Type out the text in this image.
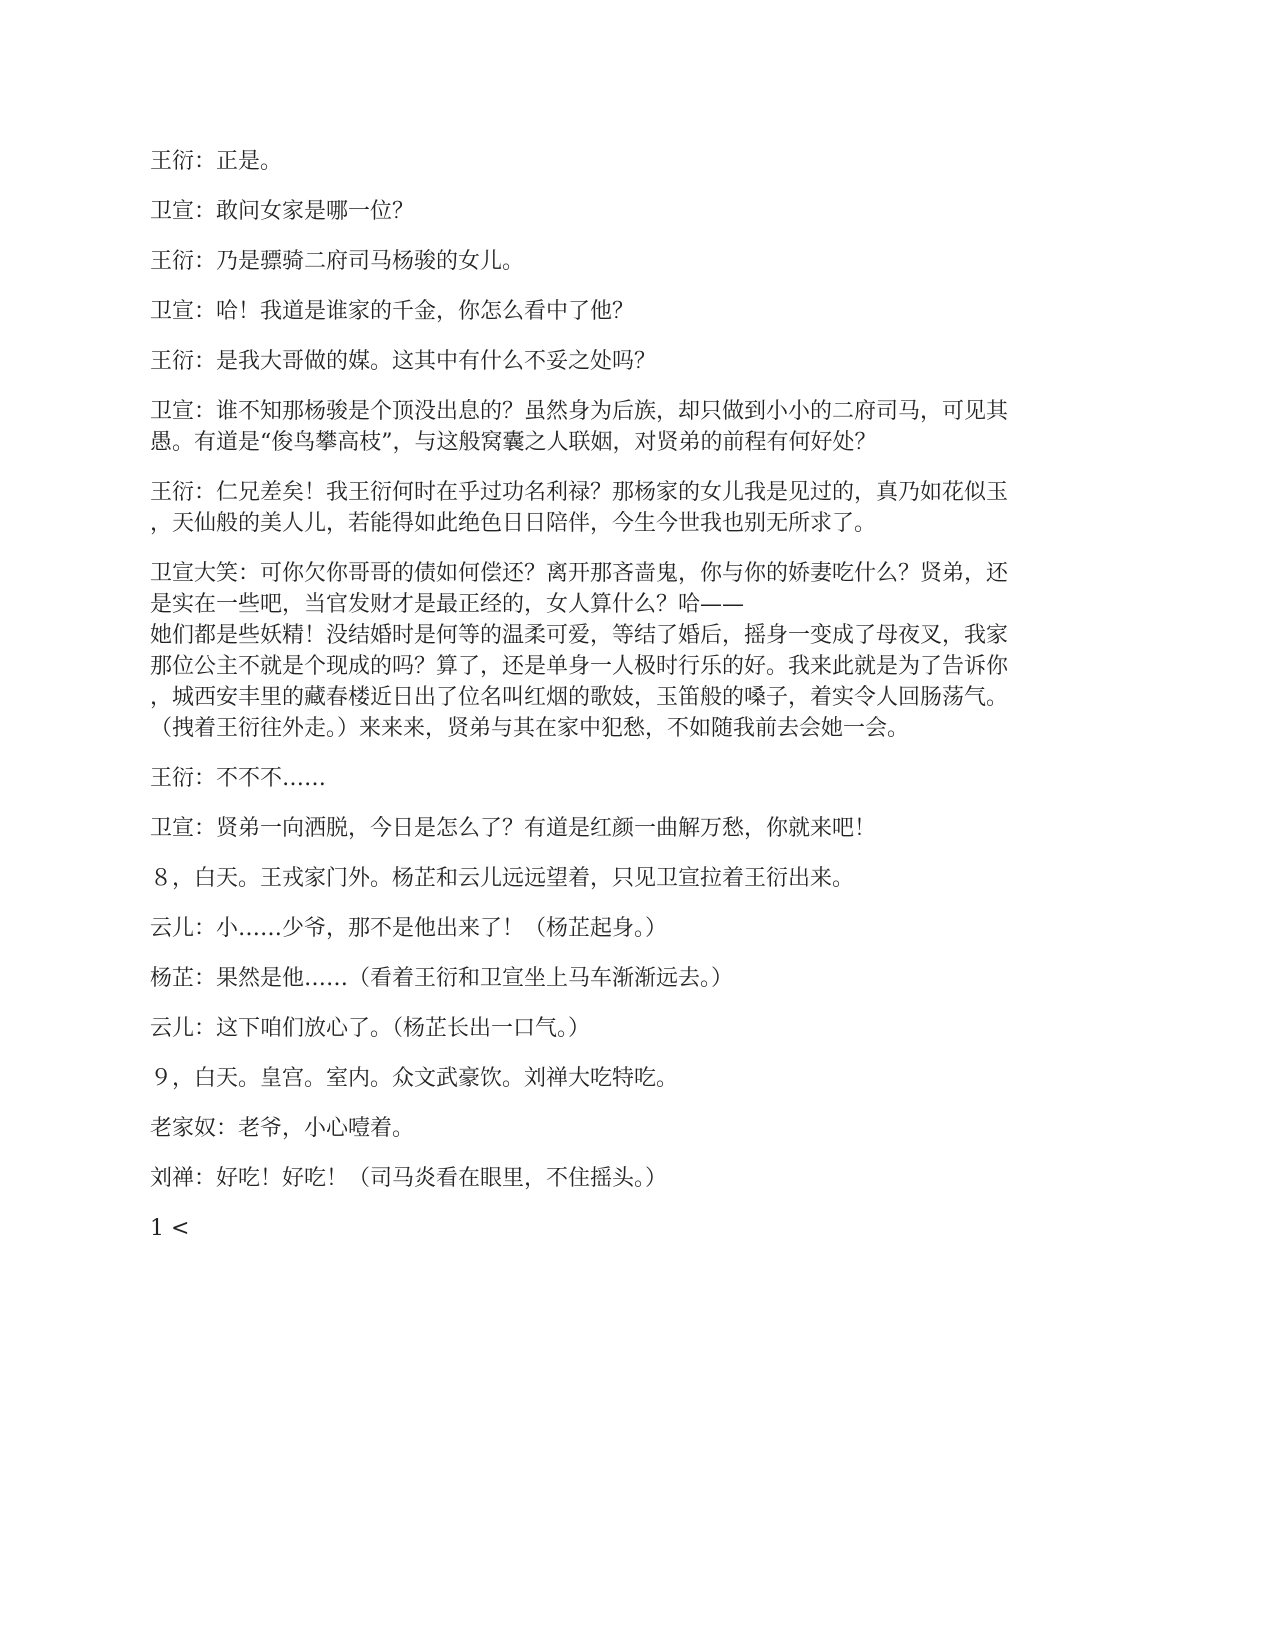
王衍：正是。

卫宣：敢问女家是哪一位？

王衍：乃是骠骑二府司马杨骏的女儿。

卫宣：哈！我道是谁家的千金，你怎么看中了他？

王衍：是我大哥做的媒。这其中有什么不妥之处吗？

卫宣：谁不知那杨骏是个顶没出息的？虽然身为后族，却只做到小小的二府司马，可见其
愚。有道是“俊鸟攀高枝”，与这般窝囊之人联姻，对贤弟的前程有何好处？

王衍：仁兄差矣！我王衍何时在乎过功名利禄？那杨家的女儿我是见过的，真乃如花似玉
，天仙般的美人儿，若能得如此绝色日日陪伴，今生今世我也别无所求了。

卫宣大笑：可你欠你哥哥的债如何偿还？离开那吝啬鬼，你与你的娇妻吃什么？贤弟，还
是实在一些吧，当官发财才是最正经的，女人算什么？哈——
她们都是些妖精！没结婚时是何等的温柔可爱，等结了婚后，摇身一变成了母夜叉，我家
那位公主不就是个现成的吗？算了，还是单身一人极时行乐的好。我来此就是为了告诉你
，城西安丰里的藏春楼近日出了位名叫红烟的歌妓，玉笛般的嗓子，着实令人回肠荡气。
（拽着王衍往外走。）来来来，贤弟与其在家中犯愁，不如随我前去会她一会。

王衍：不不不……

卫宣：贤弟一向洒脱，今日是怎么了？有道是红颜一曲解万愁，你就来吧！

８，白天。王戎家门外。杨芷和云儿远远望着，只见卫宣拉着王衍出来。

云儿：小……少爷，那不是他出来了！（杨芷起身。）

杨芷：果然是他……（看着王衍和卫宣坐上马车渐渐远去。）

云儿：这下咱们放心了。（杨芷长出一口气。）

９，白天。皇宫。室内。众文武豪饮。刘禅大吃特吃。

老家奴：老爷，小心噎着。

刘禅：好吃！好吃！（司马炎看在眼里，不住摇头。）

1 <
